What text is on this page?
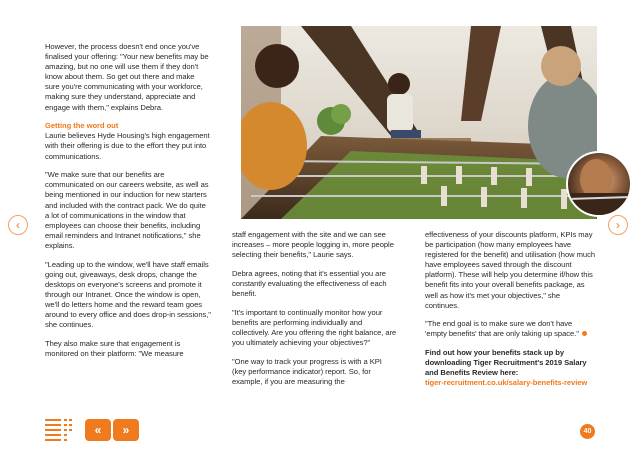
However, the process doesn't end once you've finalised your offering: "Your new benefits may be amazing, but no one will use them if they don't know about them. So get out there and make sure you're communicating with your workforce, making sure they understand, appreciate and engage with them," explains Debra.

Getting the word out

Laurie believes Hyde Housing's high engagement with their offering is due to the effort they put into communications.

"We make sure that our benefits are communicated on our careers website, as well as being mentioned in our induction for new starters and included with the contract pack. We do quite a lot of communications in the window that employees can choose their benefits, including email reminders and Intranet notifications," she explains.

"Leading up to the window, we'll have staff emails going out, giveaways, desk drops, change the desktops on everyone's screens and promote it through our Intranet. Once the window is open, we'll do letters home and the reward team goes around to every office and does drop-in sessions," she continues.

They also make sure that engagement is monitored on their platform: "We measure

staff engagement with the site and we can see increases – more people logging in, more people selecting their benefits," Laurie says.

Debra agrees, noting that it's essential you are constantly evaluating the effectiveness of each benefit.

"It's important to continually monitor how your benefits are performing individually and collectively. Are you offering the right balance, are you ultimately achieving your objectives?"

"One way to track your progress is with a KPI (key performance indicator) report. So, for example, if you are measuring the

effectiveness of your discounts platform, KPIs may be participation (how many employees have registered for the benefit) and utilisation (how much have employees saved through the discount platform). These will help you determine if/how this benefit fits into your overall benefits package, as well as how it's met your objectives," she continues.

"The end goal is to make sure we don't have 'empty benefits' that are only taking up space."

Find out how your benefits stack up by downloading Tiger Recruitment's 2019 Salary and Benefits Review here:
tiger-recruitment.co.uk/salary-benefits-review
‹	›
«	»	40
